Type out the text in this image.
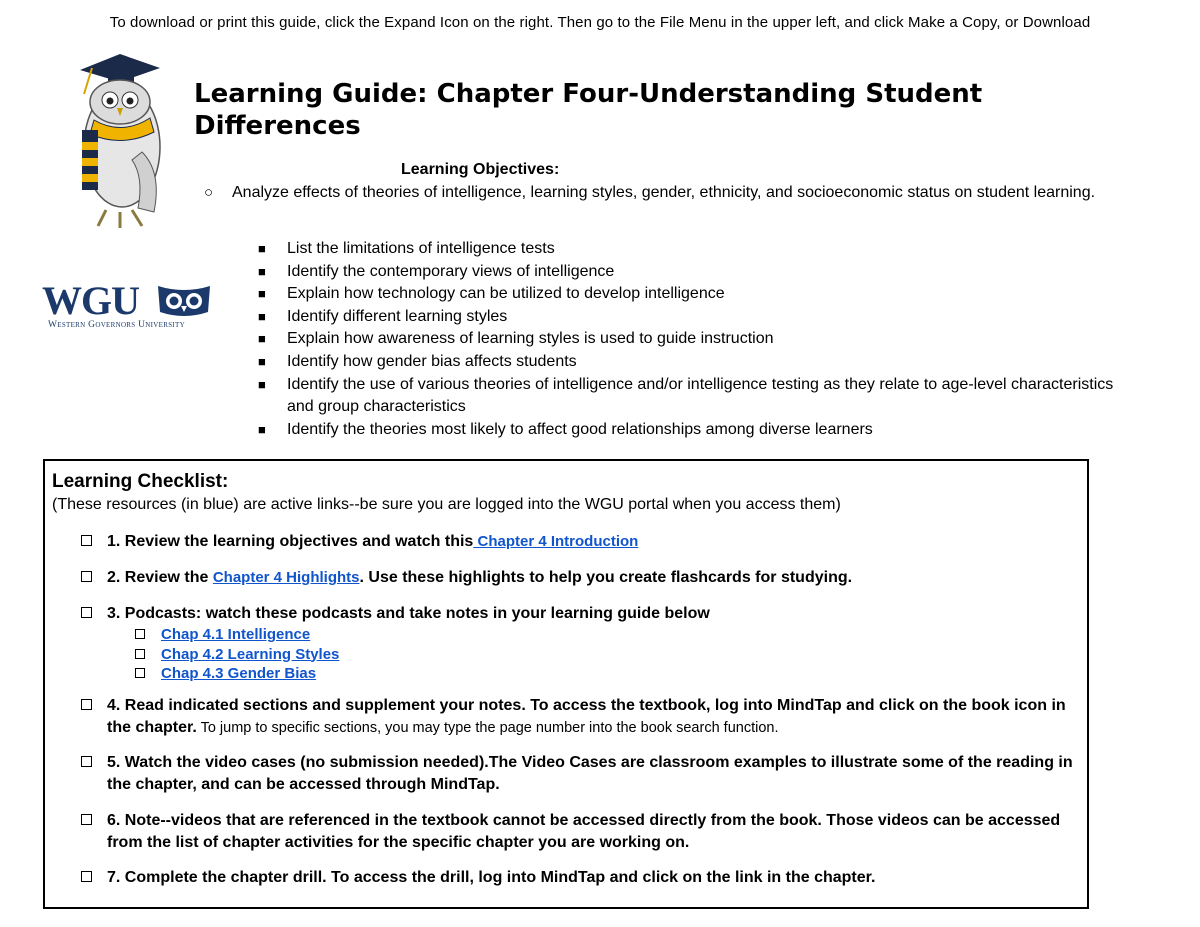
To download or print this guide, click the Expand Icon on the right. Then go to the File Menu in the upper left, and click Make a Copy, or Download
WGU
Western Governors University
Learning Guide: Chapter Four-Understanding Student Differences
Learning Objectives:
○ Analyze effects of theories of intelligence, learning styles, gender, ethnicity, and socioeconomic status on student learning.
■ List the limitations of intelligence tests
■ Identify the contemporary views of intelligence
■ Explain how technology can be utilized to develop intelligence
■ Identify different learning styles
■ Explain how awareness of learning styles is used to guide instruction
■ Identify how gender bias affects students
■ Identify the use of various theories of intelligence and/or intelligence testing as they relate to age-level characteristics and group characteristics
■ Identify the theories most likely to affect good relationships among diverse learners
Learning Checklist:
(These resources (in blue) are active links--be sure you are logged into the WGU portal when you access them)
1. Review the learning objectives and watch this Chapter 4 Introduction
2. Review the Chapter 4 Highlights. Use these highlights to help you create flashcards for studying.
3. Podcasts: watch these podcasts and take notes in your learning guide below
Chap 4.1 Intelligence
Chap 4.2 Learning Styles
Chap 4.3 Gender Bias
4. Read indicated sections and supplement your notes. To access the textbook, log into MindTap and click on the book icon in the chapter. To jump to specific sections, you may type the page number into the book search function.
5. Watch the video cases (no submission needed).The Video Cases are classroom examples to illustrate some of the reading in the chapter, and can be accessed through MindTap.
6. Note--videos that are referenced in the textbook cannot be accessed directly from the book. Those videos can be accessed from the list of chapter activities for the specific chapter you are working on.
7. Complete the chapter drill. To access the drill, log into MindTap and click on the link in the chapter.
